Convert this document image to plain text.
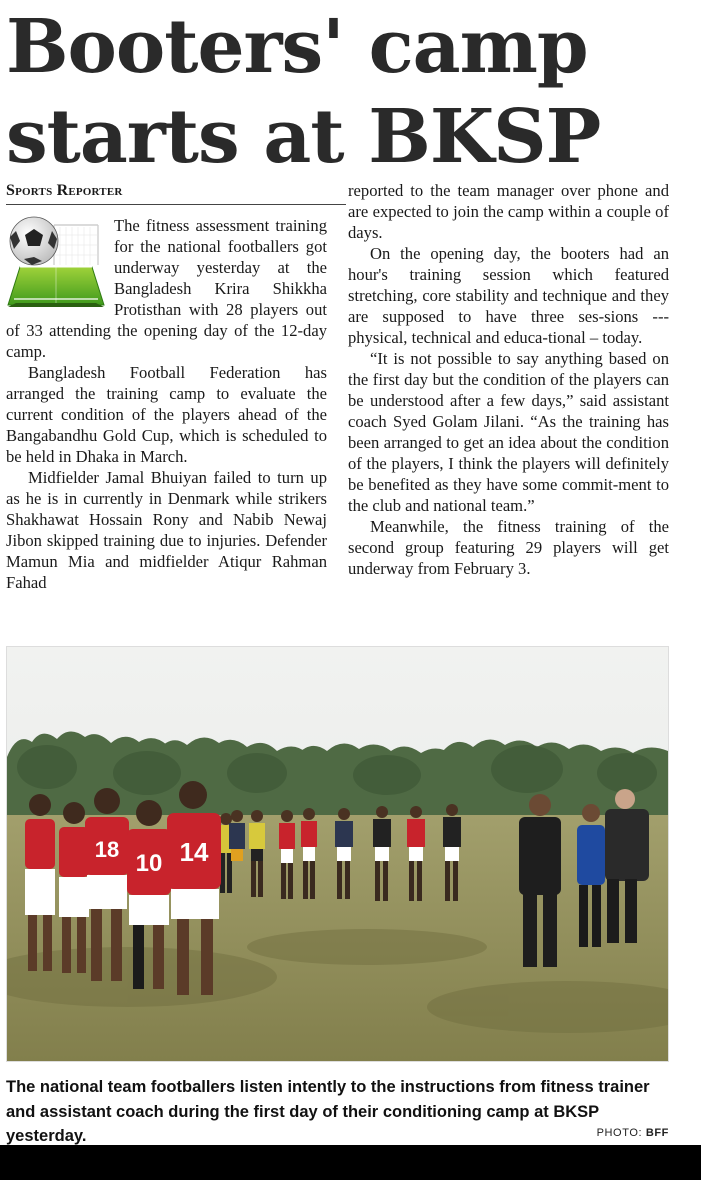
Booters' camp starts at BKSP
Sports Reporter

The fitness assessment training for the national footballers got underway yesterday at the Bangladesh Krira Shikkha Protisthan with 28 players out of 33 attending the opening day of the 12-day camp.

Bangladesh Football Federation has arranged the training camp to evaluate the current condition of the players ahead of the Bangabandhu Gold Cup, which is scheduled to be held in Dhaka in March.

Midfielder Jamal Bhuiyan failed to turn up as he is in currently in Denmark while strikers Shakhawat Hossain Rony and Nabib Newaj Jibon skipped training due to injuries. Defender Mamun Mia and midfielder Atiqur Rahman Fahad

reported to the team manager over phone and are expected to join the camp within a couple of days.

On the opening day, the booters had an hour's training session which featured stretching, core stability and technique and they are supposed to have three ses-sions --- physical, technical and educa-tional – today.

“It is not possible to say anything based on the first day but the condition of the players can be understood after a few days,” said assistant coach Syed Golam Jilani. “As the training has been arranged to get an idea about the condition of the players, I think the players will definitely be benefited as they have some commit-ment to the club and national team.”

Meanwhile, the fitness training of the second group featuring 29 players will get underway from February 3.

14
10
18
The national team footballers listen intently to the instructions from fitness trainer and assistant coach during the first day of their conditioning camp at BKSP yesterday.	PHOTO: BFF
